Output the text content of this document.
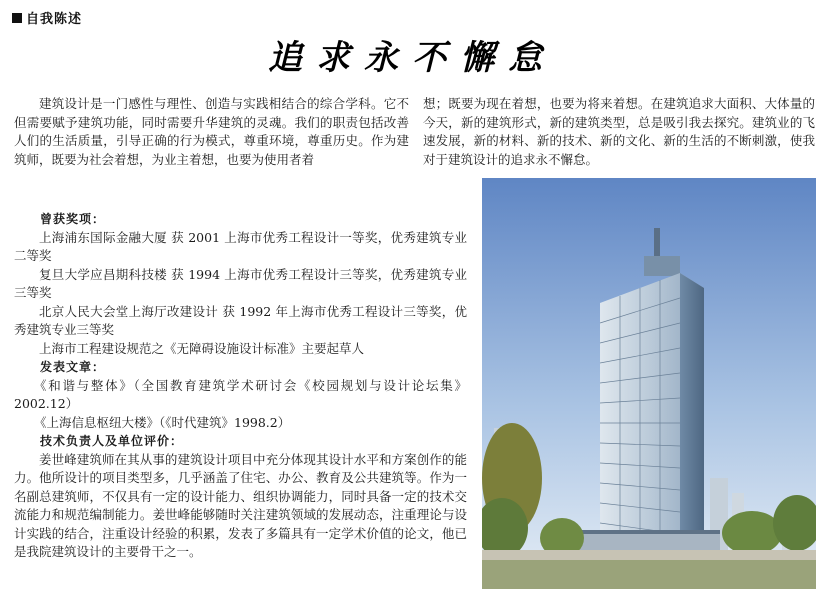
自我陈述
追求永不懈怠

建筑设计是一门感性与理性、创造与实践相结合的综合学科。它不但需要赋予建筑功能，同时需要升华建筑的灵魂。我们的职责包括改善人们的生活质量，引导正确的行为模式，尊重环境，尊重历史。作为建筑师，既要为社会着想，为业主着想，也要为使用者着

想；既要为现在着想，也要为将来着想。在建筑追求大面积、大体量的今天，新的建筑形式，新的建筑类型，总是吸引我去探究。建筑业的飞速发展，新的材料、新的技术、新的文化、新的生活的不断刺激，使我对于建筑设计的追求永不懈怠。

曾获奖项：

上海浦东国际金融大厦 获 2001 上海市优秀工程设计一等奖，优秀建筑专业二等奖

复旦大学应昌期科技楼 获 1994 上海市优秀工程设计三等奖，优秀建筑专业三等奖

北京人民大会堂上海厅改建设计 获 1992 年上海市优秀工程设计三等奖，优秀建筑专业三等奖

上海市工程建设规范之《无障碍设施设计标准》主要起草人

发表文章：

《和谐与整体》（全国教育建筑学术研讨会《校园规划与设计论坛集》2002.12）

《上海信息枢纽大楼》（《时代建筑》1998.2）

技术负责人及单位评价：

姜世峰建筑师在其从事的建筑设计项目中充分体现其设计水平和方案创作的能力。他所设计的项目类型多，几乎涵盖了住宅、办公、教育及公共建筑等。作为一名副总建筑师，不仅具有一定的设计能力、组织协调能力，同时具备一定的技术交流能力和规范编制能力。姜世峰能够随时关注建筑领域的发展动态，注重理论与设计实践的结合，注重设计经验的积累，发表了多篇具有一定学术价值的论文，他已是我院建筑设计的主要骨干之一。
